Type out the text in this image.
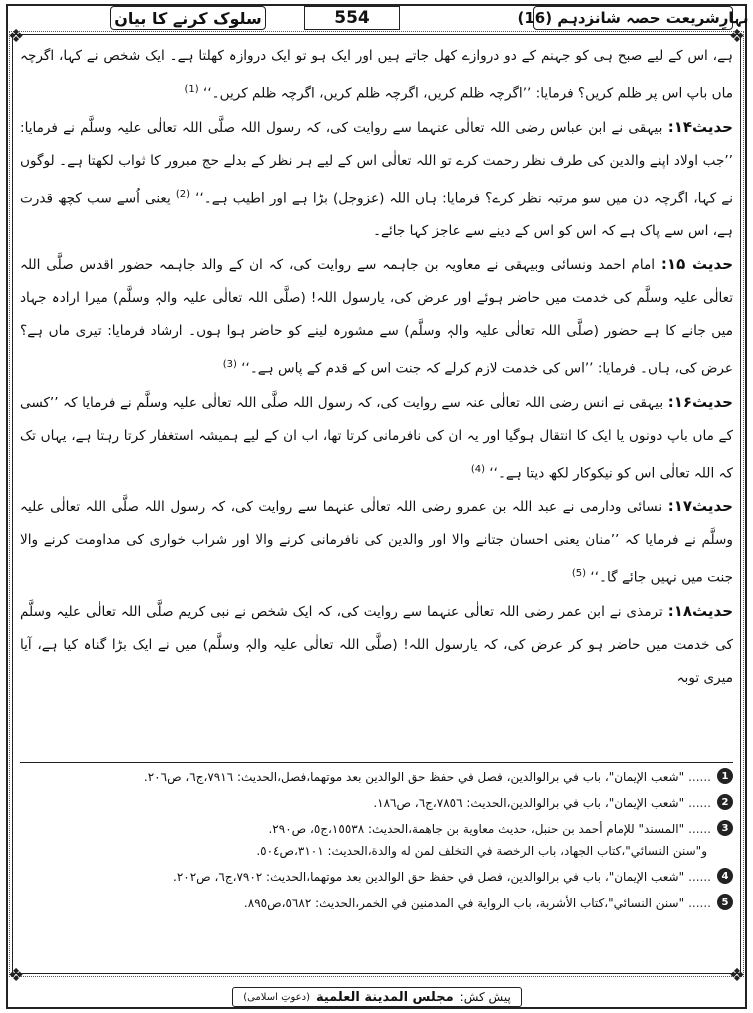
❖	❖
❖	❖
بہارِشریعت حصہ شانزدہم (16)
554
سلوک کرنے کا بیان

ہے، اس کے لیے صبح ہی کو جہنم کے دو دروازے کھل جاتے ہیں اور ایک ہو تو ایک دروازہ کھلتا ہے۔ ایک شخص نے کہا، اگرچہ ماں باپ اس پر ظلم کریں؟ فرمایا: ’’اگرچہ ظلم کریں، اگرچہ ظلم کریں، اگرچہ ظلم کریں۔‘‘ $^{(1)}$

حدیث۱۴: بیہقی نے ابن عباس رضی اللہ تعالٰی عنہما سے روایت کی، کہ رسول اللہ صلَّی اللہ تعالٰی علیہ وسلَّم نے فرمایا: ’’جب اولاد اپنے والدین کی طرف نظر رحمت کرے تو اللہ تعالٰی اس کے لیے ہر نظر کے بدلے حج مبرور کا ثواب لکھتا ہے۔ لوگوں نے کہا، اگرچہ دن میں سو مرتبہ نظر کرے؟ فرمایا: ہاں اللہ (عزوجل) بڑا ہے اور اطیب ہے۔‘‘ $^{(2)}$ یعنی اُسے سب کچھ قدرت ہے، اس سے پاک ہے کہ اس کو اس کے دینے سے عاجز کہا جائے۔

حدیث ۱۵: امام احمد ونسائی وبیہقی نے معاویہ بن جاہمہ سے روایت کی، کہ ان کے والد جاہمہ حضور اقدس صلَّی اللہ تعالٰی علیہ وسلَّم کی خدمت میں حاضر ہوئے اور عرض کی، یارسول اللہ! (صلَّی اللہ تعالٰی علیہ والہٖ وسلَّم) میرا ارادہ جہاد میں جانے کا ہے حضور (صلَّی اللہ تعالٰی علیہ والہٖ وسلَّم) سے مشورہ لینے کو حاضر ہوا ہوں۔ ارشاد فرمایا: تیری ماں ہے؟ عرض کی، ہاں۔ فرمایا: ’’اس کی خدمت لازم کرلے کہ جنت اس کے قدم کے پاس ہے۔‘‘ $^{(3)}$

حدیث۱۶: بیہقی نے انس رضی اللہ تعالٰی عنہ سے روایت کی، کہ رسول اللہ صلَّی اللہ تعالٰی علیہ وسلَّم نے فرمایا کہ ’’کسی کے ماں باپ دونوں یا ایک کا انتقال ہوگیا اور یہ ان کی نافرمانی کرتا تھا، اب ان کے لیے ہمیشہ استغفار کرتا رہتا ہے، یہاں تک کہ اللہ تعالٰی اس کو نیکوکار لکھ دیتا ہے۔‘‘ $^{(4)}$

حدیث۱۷: نسائی ودارمی نے عبد اللہ بن عمرو رضی اللہ تعالٰی عنہما سے روایت کی، کہ رسول اللہ صلَّی اللہ تعالٰی علیہ وسلَّم نے فرمایا کہ ’’منان یعنی احسان جتانے والا اور والدین کی نافرمانی کرنے والا اور شراب خواری کی مداومت کرنے والا جنت میں نہیں جائے گا۔‘‘ $^{(5)}$

حدیث۱۸: ترمذی نے ابن عمر رضی اللہ تعالٰی عنہما سے روایت کی، کہ ایک شخص نے نبی کریم صلَّی اللہ تعالٰی علیہ وسلَّم کی خدمت میں حاضر ہو کر عرض کی، کہ یارسول اللہ! (صلَّی اللہ تعالٰی علیہ والہٖ وسلَّم) میں نے ایک بڑا گناہ کیا ہے، آیا میری توبہ

1
......
"شعب الإيمان"، باب في برالوالدين، فصل في حفظ حق الوالدين بعد موتهما،فصل،الحديث: ٧٩١٦،ج٦، ص٢٠٦.
2
......
"شعب الإيمان"، باب في برالوالدين،الحديث: ٧٨٥٦،ج٦، ص١٨٦.
3
......
"المسند" للإمام أحمد بن حنبل، حديث معاوية بن جاهمة،الحديث: ١٥٥٣٨،ج٥، ص٢٩٠.
و"سنن النسائي"،كتاب الجهاد، باب الرخصة في التخلف لمن له والدة،الحديث: ٣١٠١،ص٥٠٤.
4
......
"شعب الإيمان"، باب في برالوالدين، فصل في حفظ حق الوالدين بعد موتهما،الحديث: ٧٩٠٢،ج٦، ص٢٠٢.
5
......
"سنن النسائي"،كتاب الأشربة، باب الرواية في المدمنين في الخمر،الحديث: ٥٦٨٢،ص٨٩٥.
پیش کش:
مجلس المدينة العلمية
(دعوتِ اسلامی)
